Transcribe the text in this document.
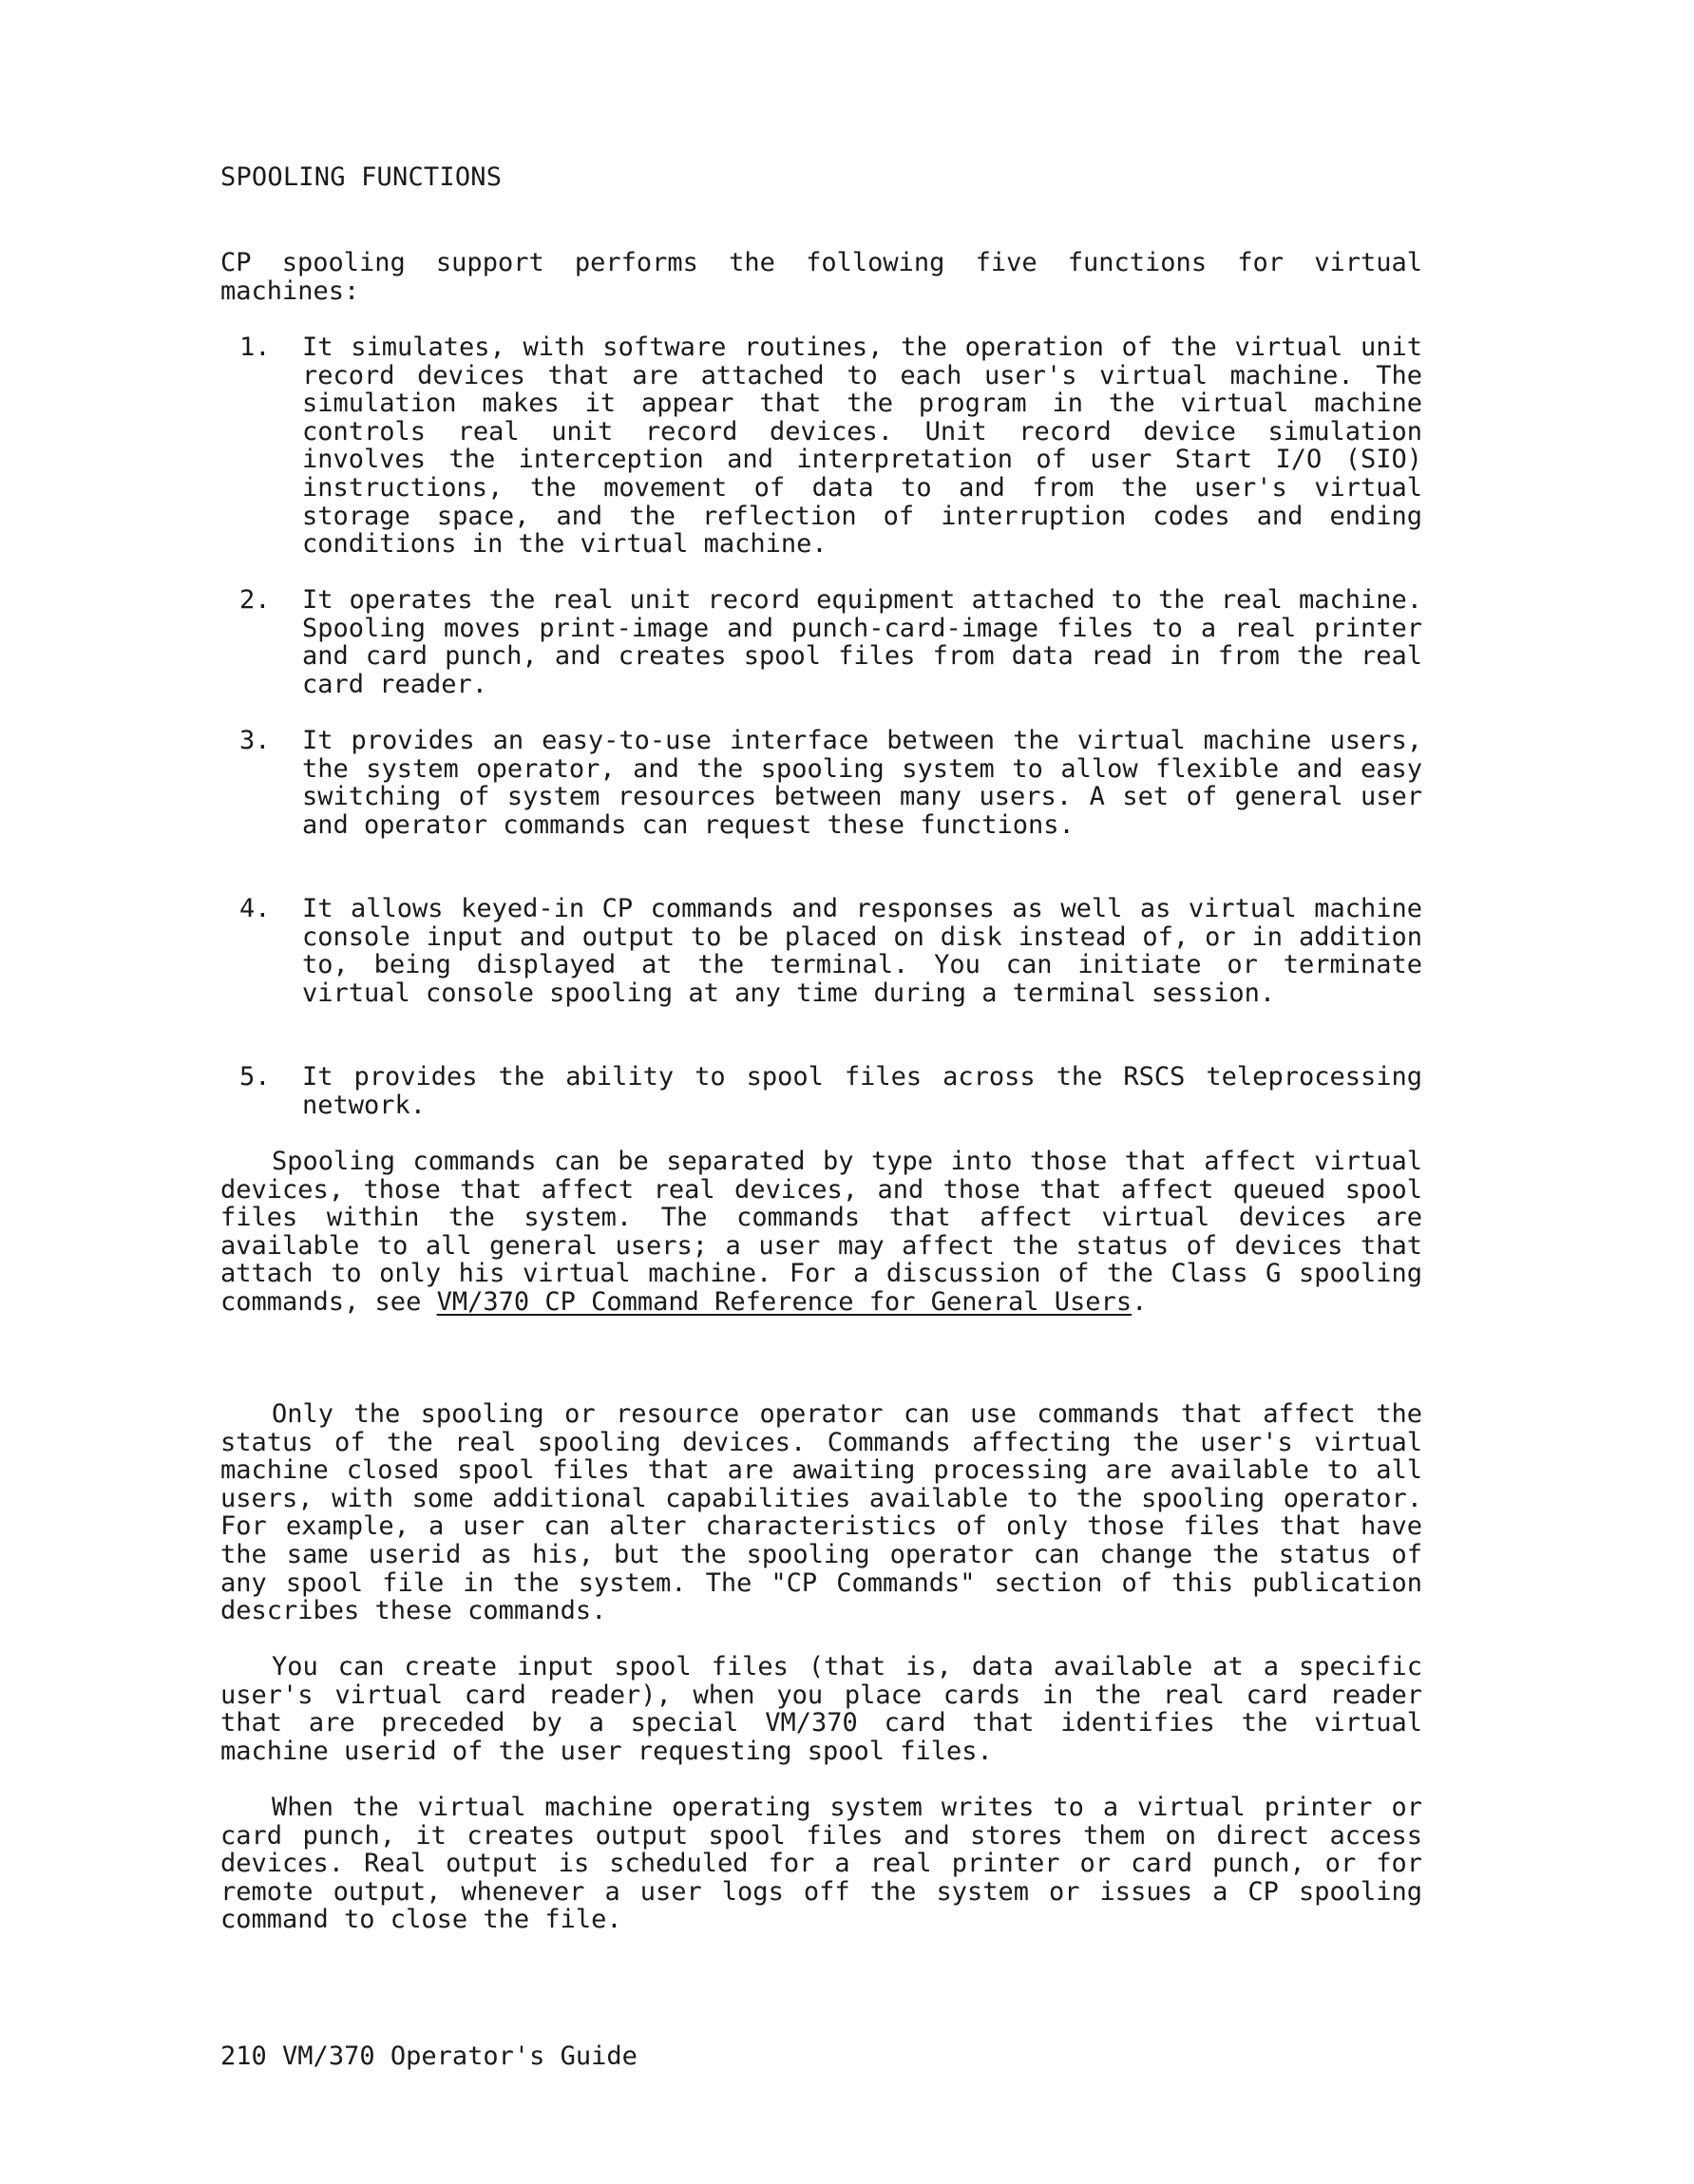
SPOOLING FUNCTIONS
CP spooling support performs the following five functions for virtual machines:
1.	It simulates, with software routines, the operation of the virtual unit record devices that are attached to each user's virtual machine. The simulation makes it appear that the program in the virtual machine controls real unit record devices. Unit record device simulation involves the interception and interpretation of user Start I/O (SIO) instructions, the movement of data to and from the user's virtual storage space, and the reflection of interruption codes and ending conditions in the virtual machine.
2.	It operates the real unit record equipment attached to the real machine. Spooling moves print-image and punch-card-image files to a real printer and card punch, and creates spool files from data read in from the real card reader.
3.	It provides an easy-to-use interface between the virtual machine users, the system operator, and the spooling system to allow flexible and easy switching of system resources between many users. A set of general user and operator commands can request these functions.
4.	It allows keyed-in CP commands and responses as well as virtual machine console input and output to be placed on disk instead of, or in addition to, being displayed at the terminal. You can initiate or terminate virtual console spooling at any time during a terminal session.
5.	It provides the ability to spool files across the RSCS teleprocessing network.
Spooling commands can be separated by type into those that affect virtual devices, those that affect real devices, and those that affect queued spool files within the system. The commands that affect virtual devices are available to all general users; a user may affect the status of devices that attach to only his virtual machine. For a discussion of the Class G spooling commands, see VM/370 CP Command Reference for General Users.
Only the spooling or resource operator can use commands that affect the status of the real spooling devices. Commands affecting the user's virtual machine closed spool files that are awaiting processing are available to all users, with some additional capabilities available to the spooling operator. For example, a user can alter characteristics of only those files that have the same userid as his, but the spooling operator can change the status of any spool file in the system. The "CP Commands" section of this publication describes these commands.
You can create input spool files (that is, data available at a specific user's virtual card reader), when you place cards in the real card reader that are preceded by a special VM/370 card that identifies the virtual machine userid of the user requesting spool files.
When the virtual machine operating system writes to a virtual printer or card punch, it creates output spool files and stores them on direct access devices. Real output is scheduled for a real printer or card punch, or for remote output, whenever a user logs off the system or issues a CP spooling command to close the file.
210 VM/370 Operator's Guide
